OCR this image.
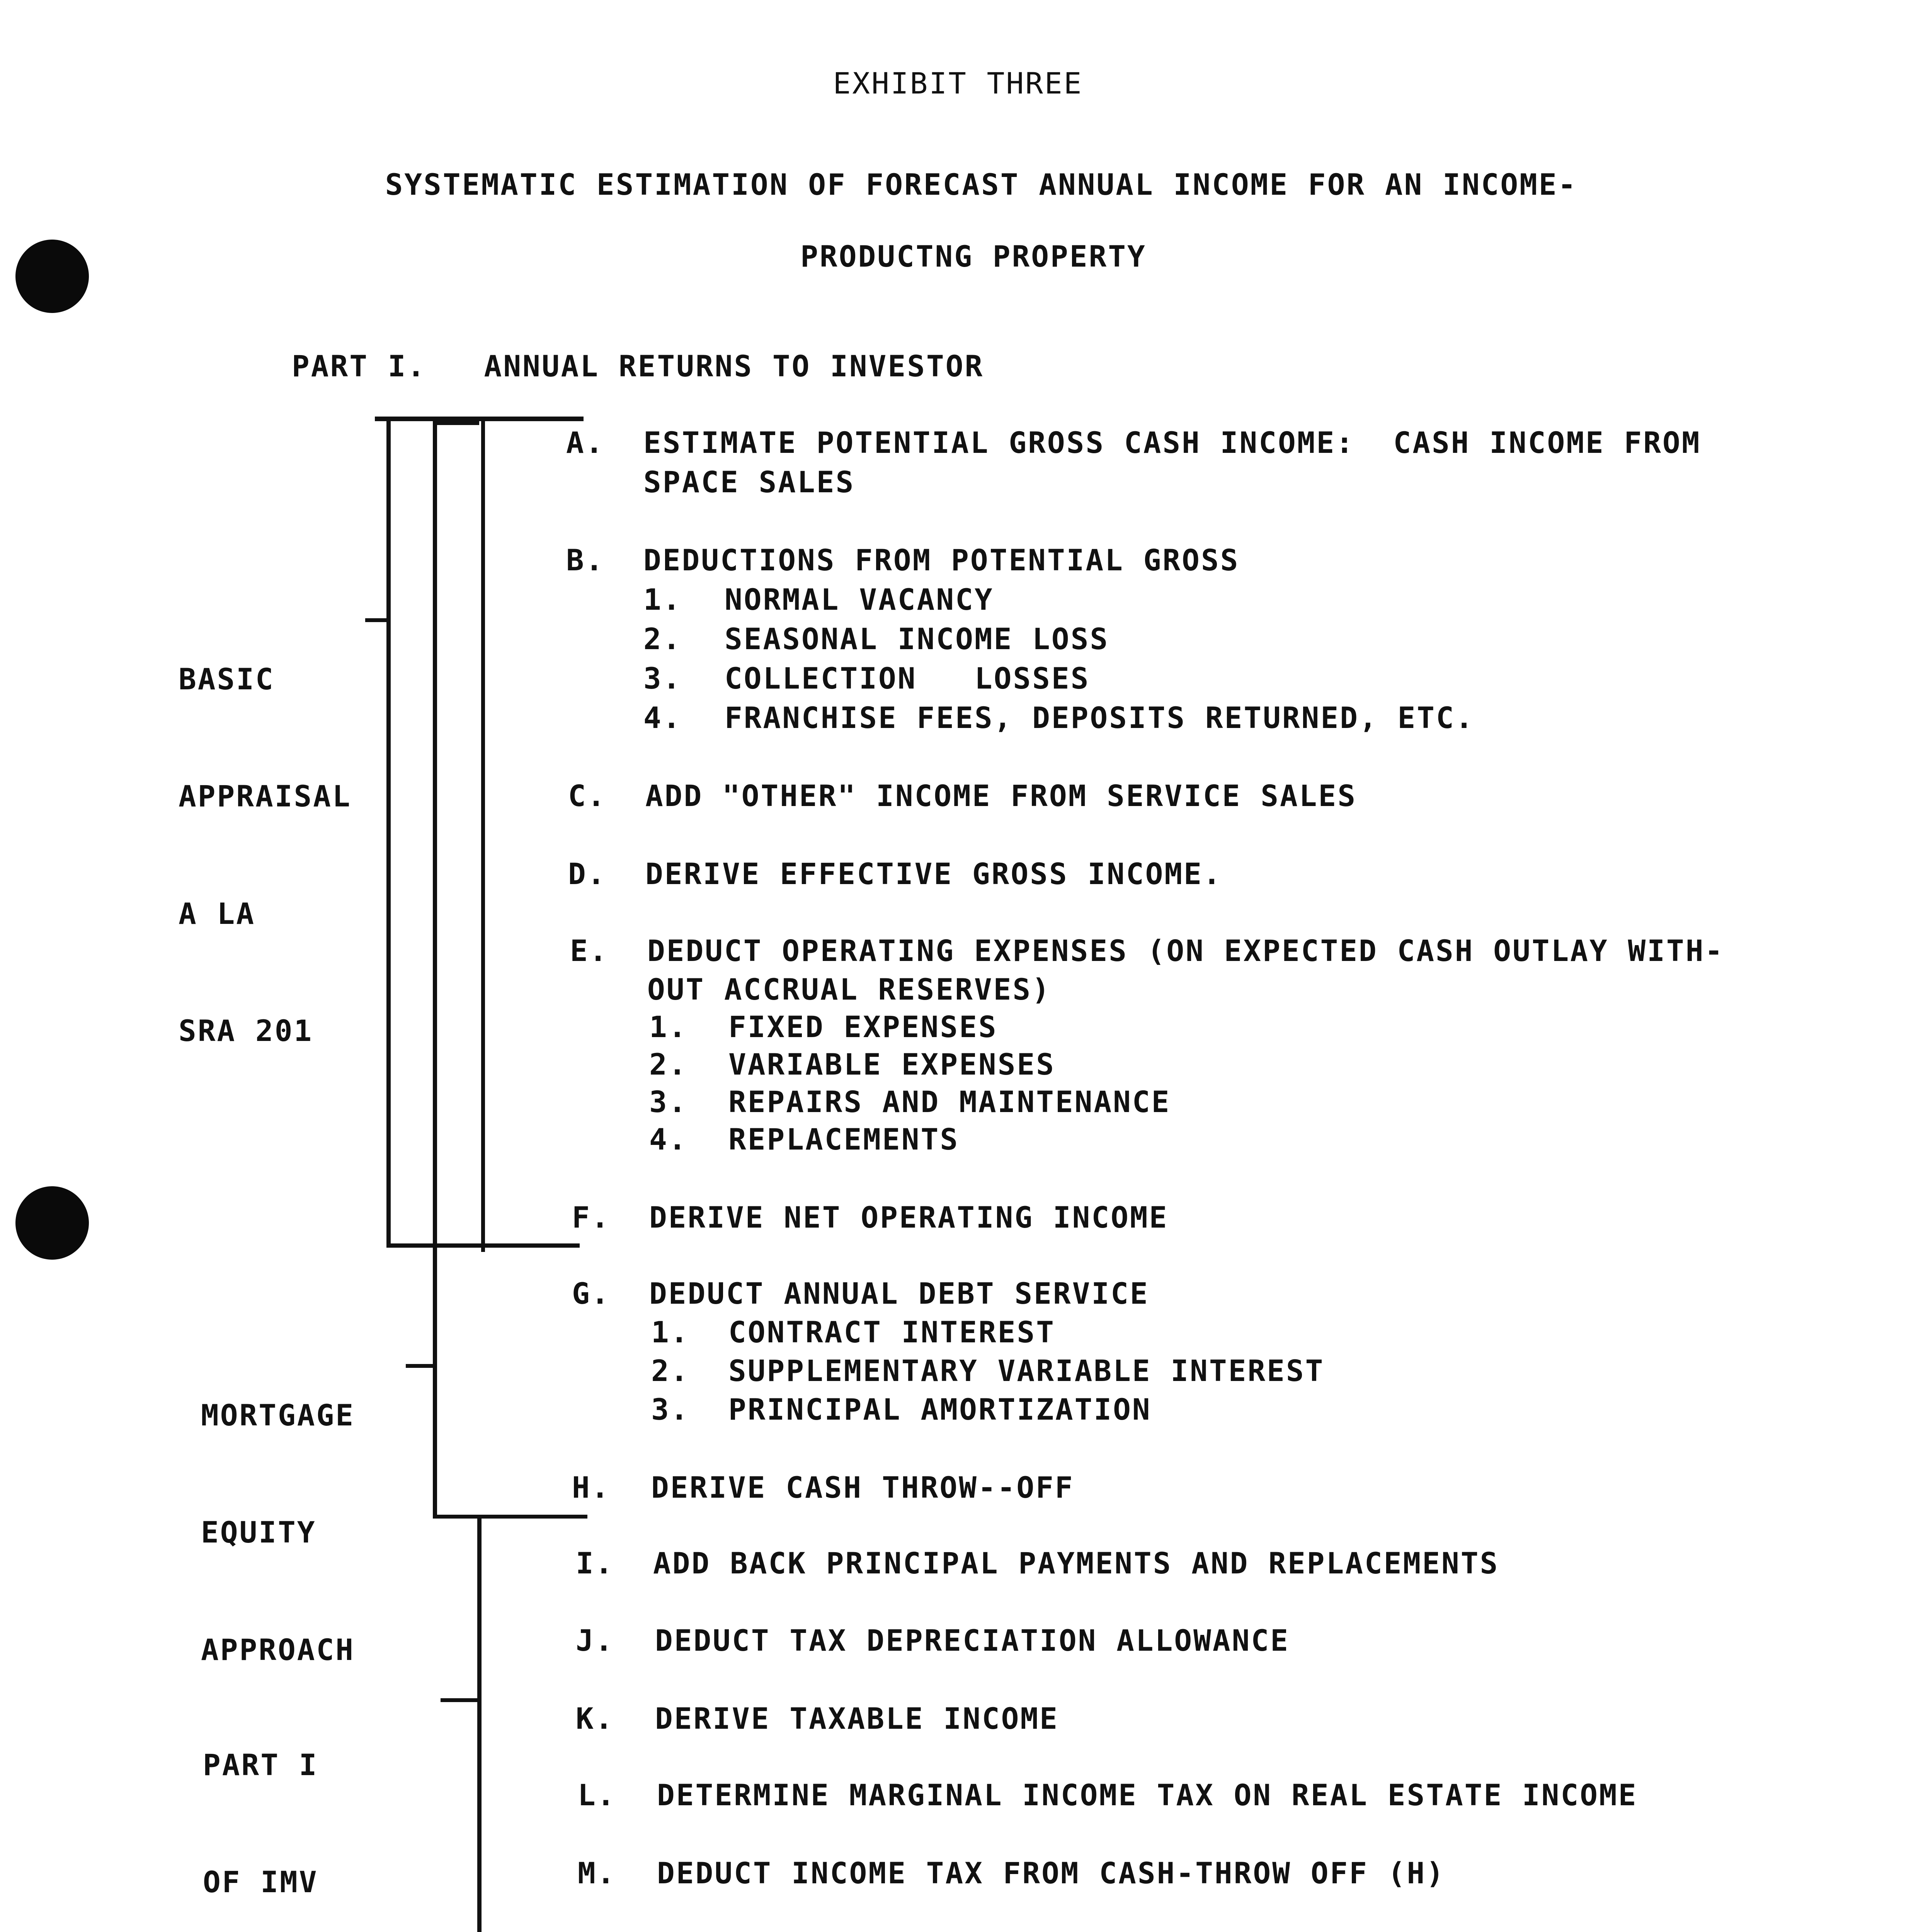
EXHIBIT THREE
SYSTEMATIC ESTIMATION OF FORECAST ANNUAL INCOME FOR AN INCOME-
PRODUCTNG PROPERTY
PART I.   ANNUAL RETURNS TO INVESTOR

BASIC

APPRAISAL

A LA

SRA 201

MORTGAGE

EQUITY

APPROACH

PART I

OF IMV

A. ESTIMATE POTENTIAL GROSS CASH INCOME:  CASH INCOME FROM
SPACE SALES
B. DEDUCTIONS FROM POTENTIAL GROSS
1. NORMAL VACANCY
2. SEASONAL INCOME LOSS
3. COLLECTION   LOSSES
4. FRANCHISE FEES, DEPOSITS RETURNED, ETC.
C. ADD "OTHER" INCOME FROM SERVICE SALES
D. DERIVE EFFECTIVE GROSS INCOME.
E. DEDUCT OPERATING EXPENSES (ON EXPECTED CASH OUTLAY WITH-
OUT ACCRUAL RESERVES)
1. FIXED EXPENSES
2. VARIABLE EXPENSES
3. REPAIRS AND MAINTENANCE
4. REPLACEMENTS
F. DERIVE NET OPERATING INCOME
G. DEDUCT ANNUAL DEBT SERVICE
1. CONTRACT INTEREST
2. SUPPLEMENTARY VARIABLE INTEREST
3. PRINCIPAL AMORTIZATION
H. DERIVE CASH THROW--OFF
I. ADD BACK PRINCIPAL PAYMENTS AND REPLACEMENTS
J. DEDUCT TAX DEPRECIATION ALLOWANCE
K. DERIVE TAXABLE INCOME
L. DETERMINE MARGINAL INCOME TAX ON REAL ESTATE INCOME
M. DEDUCT INCOME TAX FROM CASH-THROW OFF (H)
